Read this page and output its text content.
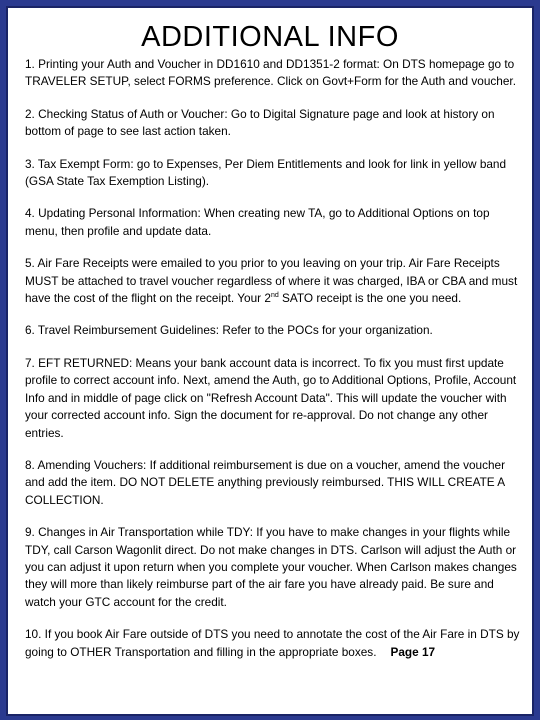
ADDITIONAL INFO

1. Printing your Auth and Voucher in DD1610 and DD1351-2 format: On DTS homepage go to TRAVELER SETUP, select FORMS preference. Click on Govt+Form for the Auth and voucher.

2. Checking Status of Auth or Voucher: Go to Digital Signature page and look at history on bottom of page to see last action taken.

3. Tax Exempt Form: go to Expenses, Per Diem Entitlements and look for link in yellow band (GSA State Tax Exemption Listing).

4. Updating Personal Information: When creating new TA, go to Additional Options on top menu, then profile and update data.

5. Air Fare Receipts were emailed to you prior to you leaving on your trip. Air Fare Receipts MUST be attached to travel voucher regardless of where it was charged, IBA or CBA and must have the cost of the flight on the receipt. Your 2nd SATO receipt is the one you need.

6. Travel Reimbursement Guidelines: Refer to the POCs for your organization.

7. EFT RETURNED: Means your bank account data is incorrect. To fix you must first update profile to correct account info. Next, amend the Auth, go to Additional Options, Profile, Account Info and in middle of page click on "Refresh Account Data". This will update the voucher with your corrected account info. Sign the document for re-approval. Do not change any other entries.

8. Amending Vouchers: If additional reimbursement is due on a voucher, amend the voucher and add the item. DO NOT DELETE anything previously reimbursed. THIS WILL CREATE A COLLECTION.

9. Changes in Air Transportation while TDY: If you have to make changes in your flights while TDY, call Carson Wagonlit direct. Do not make changes in DTS. Carlson will adjust the Auth or you can adjust it upon return when you complete your voucher. When Carlson makes changes they will more than likely reimburse part of the air fare you have already paid. Be sure and watch your GTC account for the credit.

10. If you book Air Fare outside of DTS you need to annotate the cost of the Air Fare in DTS by going to OTHER Transportation and filling in the appropriate boxes. Page 17
